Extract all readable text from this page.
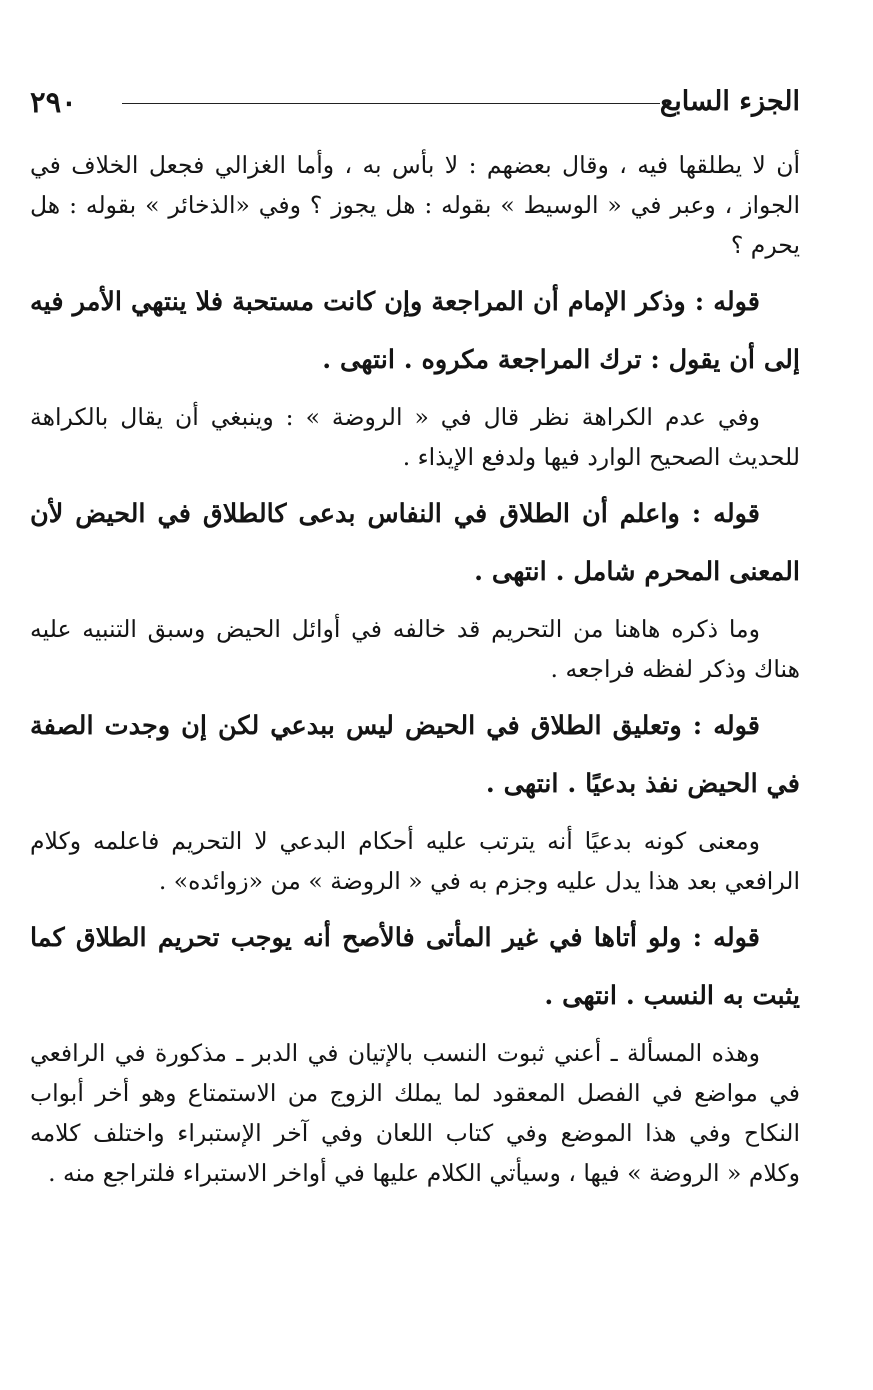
٢٩٠	الجزء السابع

أن لا يطلقها فيه ، وقال بعضهم : لا بأس به ، وأما الغزالي فجعل الخلاف في الجواز ، وعبر في « الوسيط » بقوله : هل يجوز ؟ وفي «الذخائر » بقوله : هل يحرم ؟

قوله : وذكر الإمام أن المراجعة وإن كانت مستحبة فلا ينتهي الأمر فيه إلى أن يقول : ترك المراجعة مكروه . انتهى .

وفي عدم الكراهة نظر قال في « الروضة » : وينبغي أن يقال بالكراهة للحديث الصحيح الوارد فيها ولدفع الإيذاء .

قوله : واعلم أن الطلاق في النفاس بدعى كالطلاق في الحيض لأن المعنى المحرم شامل . انتهى .

وما ذكره هاهنا من التحريم قد خالفه في أوائل الحيض وسبق التنبيه عليه هناك وذكر لفظه فراجعه .

قوله : وتعليق الطلاق في الحيض ليس ببدعي لكن إن وجدت الصفة في الحيض نفذ بدعيًا . انتهى .

ومعنى كونه بدعيًا أنه يترتب عليه أحكام البدعي لا التحريم فاعلمه وكلام الرافعي بعد هذا يدل عليه وجزم به في « الروضة » من «زوائده» .

قوله : ولو أتاها في غير المأتى فالأصح أنه يوجب تحريم الطلاق كما يثبت به النسب . انتهى .

وهذه المسألة ـ أعني ثبوت النسب بالإتيان في الدبر ـ مذكورة في الرافعي في مواضع في الفصل المعقود لما يملك الزوج من الاستمتاع وهو أخر أبواب النكاح وفي هذا الموضع وفي كتاب اللعان وفي آخر الإستبراء واختلف كلامه وكلام « الروضة » فيها ، وسيأتي الكلام عليها في أواخر الاستبراء فلتراجع منه .
